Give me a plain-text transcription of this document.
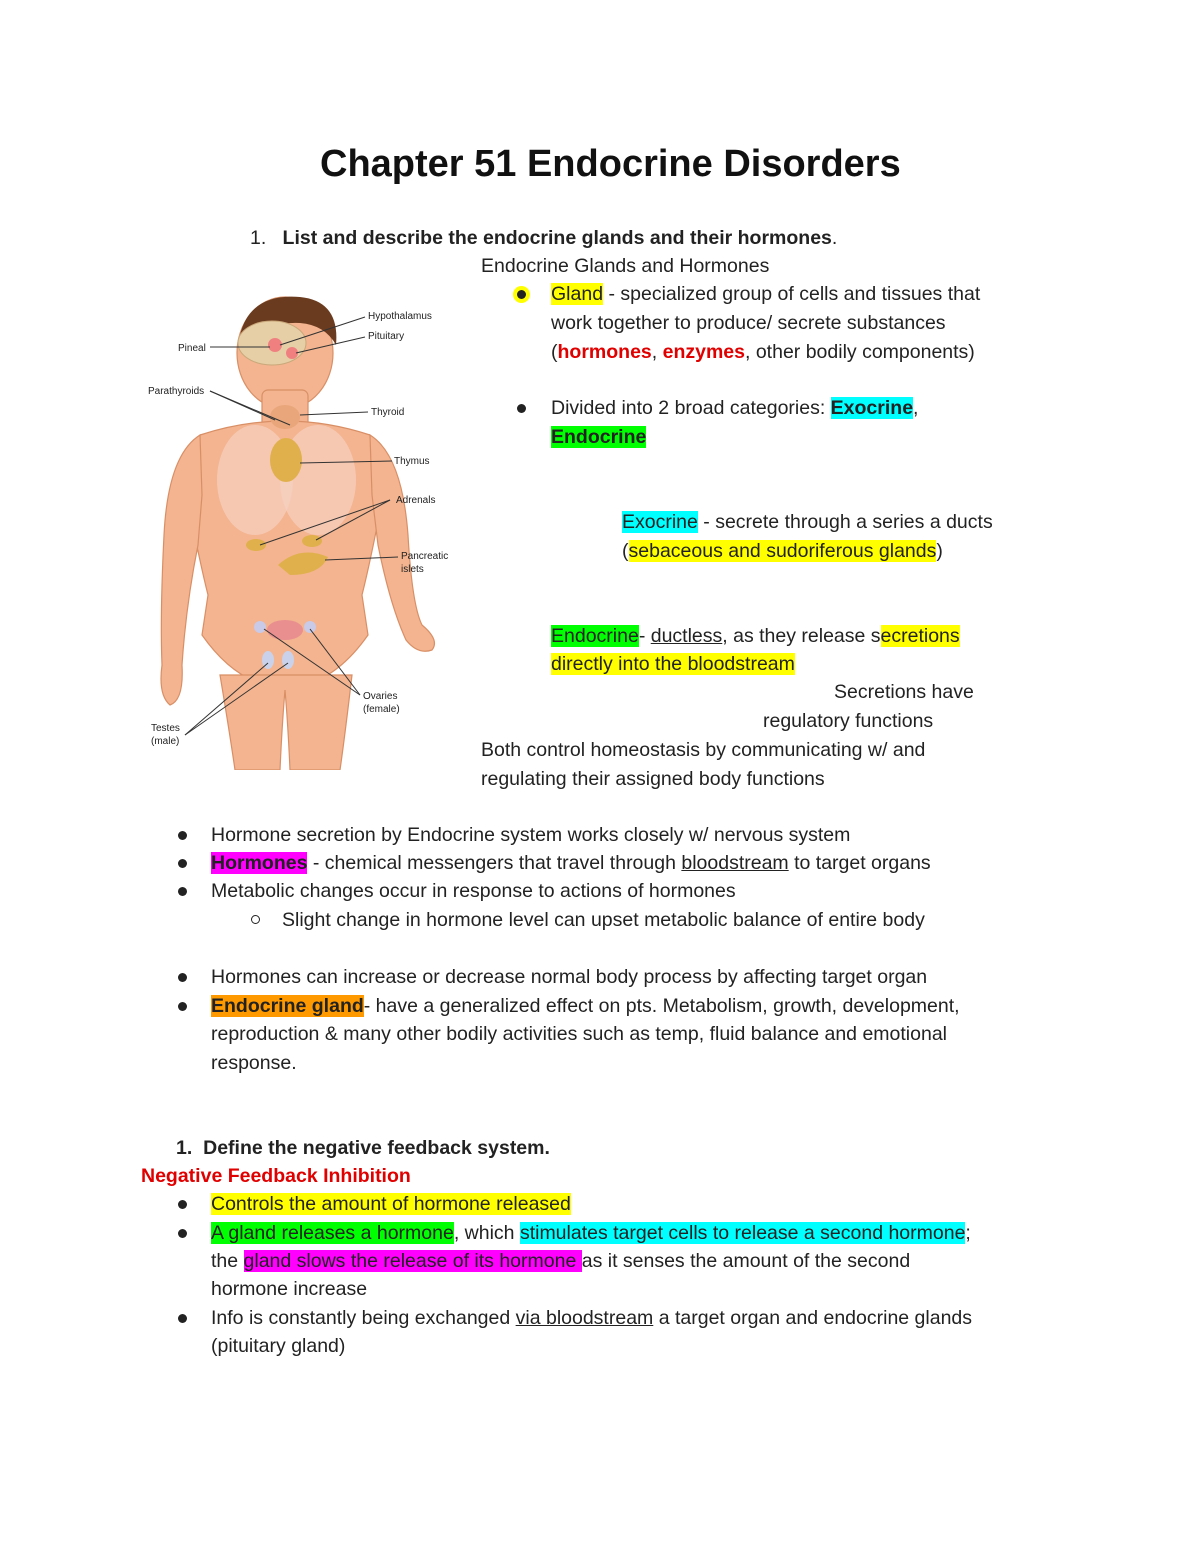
Chapter 51 Endocrine Disorders
1. List and describe the endocrine glands and their hormones.
Endocrine Glands and Hormones
Gland - specialized group of cells and tissues that
work together to produce/ secrete substances
(hormones, enzymes, other bodily components)
Divided into 2 broad categories: Exocrine,
Endocrine
Exocrine - secrete through a series a ducts
(sebaceous and sudoriferous glands)
Endocrine- ductless, as they release secretions
directly into the bloodstream
Secretions have
regulatory functions
Both control homeostasis by communicating w/ and
regulating their assigned body functions
Hypothalamus
Pituitary
Pineal
Parathyroids
Thyroid
Thymus
Adrenals
Pancreatic
islets
Ovaries
(female)
Testes
(male)
Hormone secretion by Endocrine system works closely w/ nervous system
Hormones - chemical messengers that travel through bloodstream to target organs
Metabolic changes occur in response to actions of hormones
Slight change in hormone level can upset metabolic balance of entire body
Hormones can increase or decrease normal body process by affecting target organ
Endocrine gland- have a generalized effect on pts. Metabolism, growth, development,
reproduction & many other bodily activities such as temp, fluid balance and emotional
response.
1. Define the negative feedback system.
Negative Feedback Inhibition
Controls the amount of hormone released
A gland releases a hormone, which stimulates target cells to release a second hormone;
the gland slows the release of its hormone as it senses the amount of the second
hormone increase
Info is constantly being exchanged via bloodstream a target organ and endocrine glands
(pituitary gland)
